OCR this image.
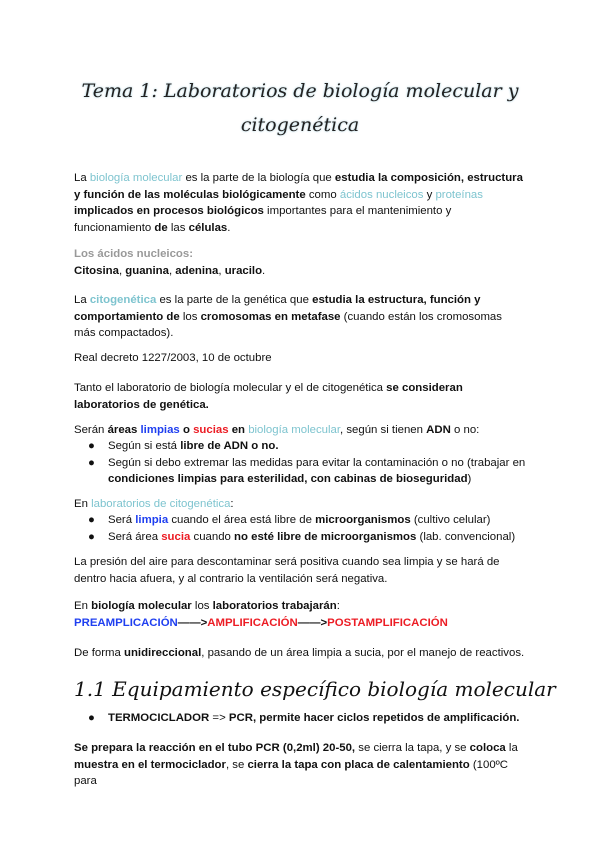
Tema 1: Laboratorios de biología molecular y
citogenética
La biología molecular es la parte de la biología que estudia la composición, estructura y función de las moléculas biológicamente como ácidos nucleicos y proteínas implicados en procesos biológicos importantes para el mantenimiento y funcionamiento de las células.
Los ácidos nucleicos:
Citosina, guanina, adenina, uracilo.
La citogenética es la parte de la genética que estudia la estructura, función y comportamiento de los cromosomas en metafase (cuando están los cromosomas más compactados).
Real decreto 1227/2003, 10 de octubre
Tanto el laboratorio de biología molecular y el de citogenética se consideran laboratorios de genética.
Serán áreas limpias o sucias en biología molecular, según si tienen ADN o no:
● Según si está libre de ADN o no.
● Según si debo extremar las medidas para evitar la contaminación o no (trabajar en condiciones limpias para esterilidad, con cabinas de bioseguridad)
En laboratorios de citogenética:
● Será limpia cuando el área está libre de microorganismos (cultivo celular)
● Será área sucia cuando no esté libre de microorganismos (lab. convencional)
La presión del aire para descontaminar será positiva cuando sea limpia y se hará de dentro hacia afuera, y al contrario la ventilación será negativa.
En biología molecular los laboratorios trabajarán:
PREAMPLICACIÓN——>AMPLIFICACIÓN——>POSTAMPLIFICACIÓN
De forma unidireccional, pasando de un área limpia a sucia, por el manejo de reactivos.
1.1 Equipamiento específico biología molecular
● TERMOCICLADOR => PCR, permite hacer ciclos repetidos de amplificación.
Se prepara la reacción en el tubo PCR (0,2ml) 20-50, se cierra la tapa, y se coloca la muestra en el termociclador, se cierra la tapa con placa de calentamiento (100ºC para
